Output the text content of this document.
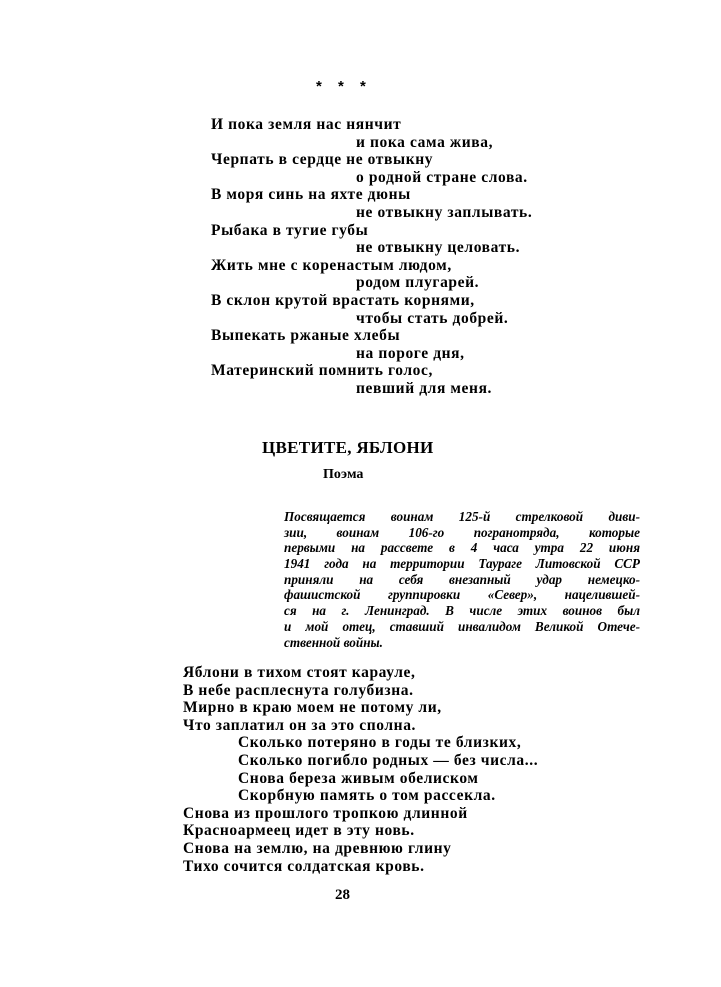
* * *
И пока земля нас нянчит
и пока сама жива,
Черпать в сердце не отвыкну
о родной стране слова.
В моря синь на яхте дюны
не отвыкну заплывать.
Рыбака в тугие губы
не отвыкну целовать.
Жить мне с коренастым людом,
родом плугарей.
В склон крутой врастать корнями,
чтобы стать добрей.
Выпекать ржаные хлебы
на пороге дня,
Материнский помнить голос,
певший для меня.
ЦВЕТИТЕ, ЯБЛОНИ
Поэма
Посвящается воинам 125-й стрелковой диви-
зии, воинам 106-го погранотряда, которые
первыми на рассвете в 4 часа утра 22 июня
1941 года на территории Таураге Литовской ССР
приняли на себя внезапный удар немецко-
фашистской группировки «Север», нацелившей-
ся на г. Ленинград. В числе этих воинов был
и мой отец, ставший инвалидом Великой Отече-
ственной войны.
Яблони в тихом стоят карауле,
В небе расплеснута голубизна.
Мирно в краю моем не потому ли,
Что заплатил он за это сполна.
Сколько потеряно в годы те близких,
Сколько погибло родных — без числа...
Снова береза живым обелиском
Скорбную память о том рассекла.
Снова из прошлого тропкою длинной
Красноармеец идет в эту новь.
Снова на землю, на древнюю глину
Тихо сочится солдатская кровь.
28
